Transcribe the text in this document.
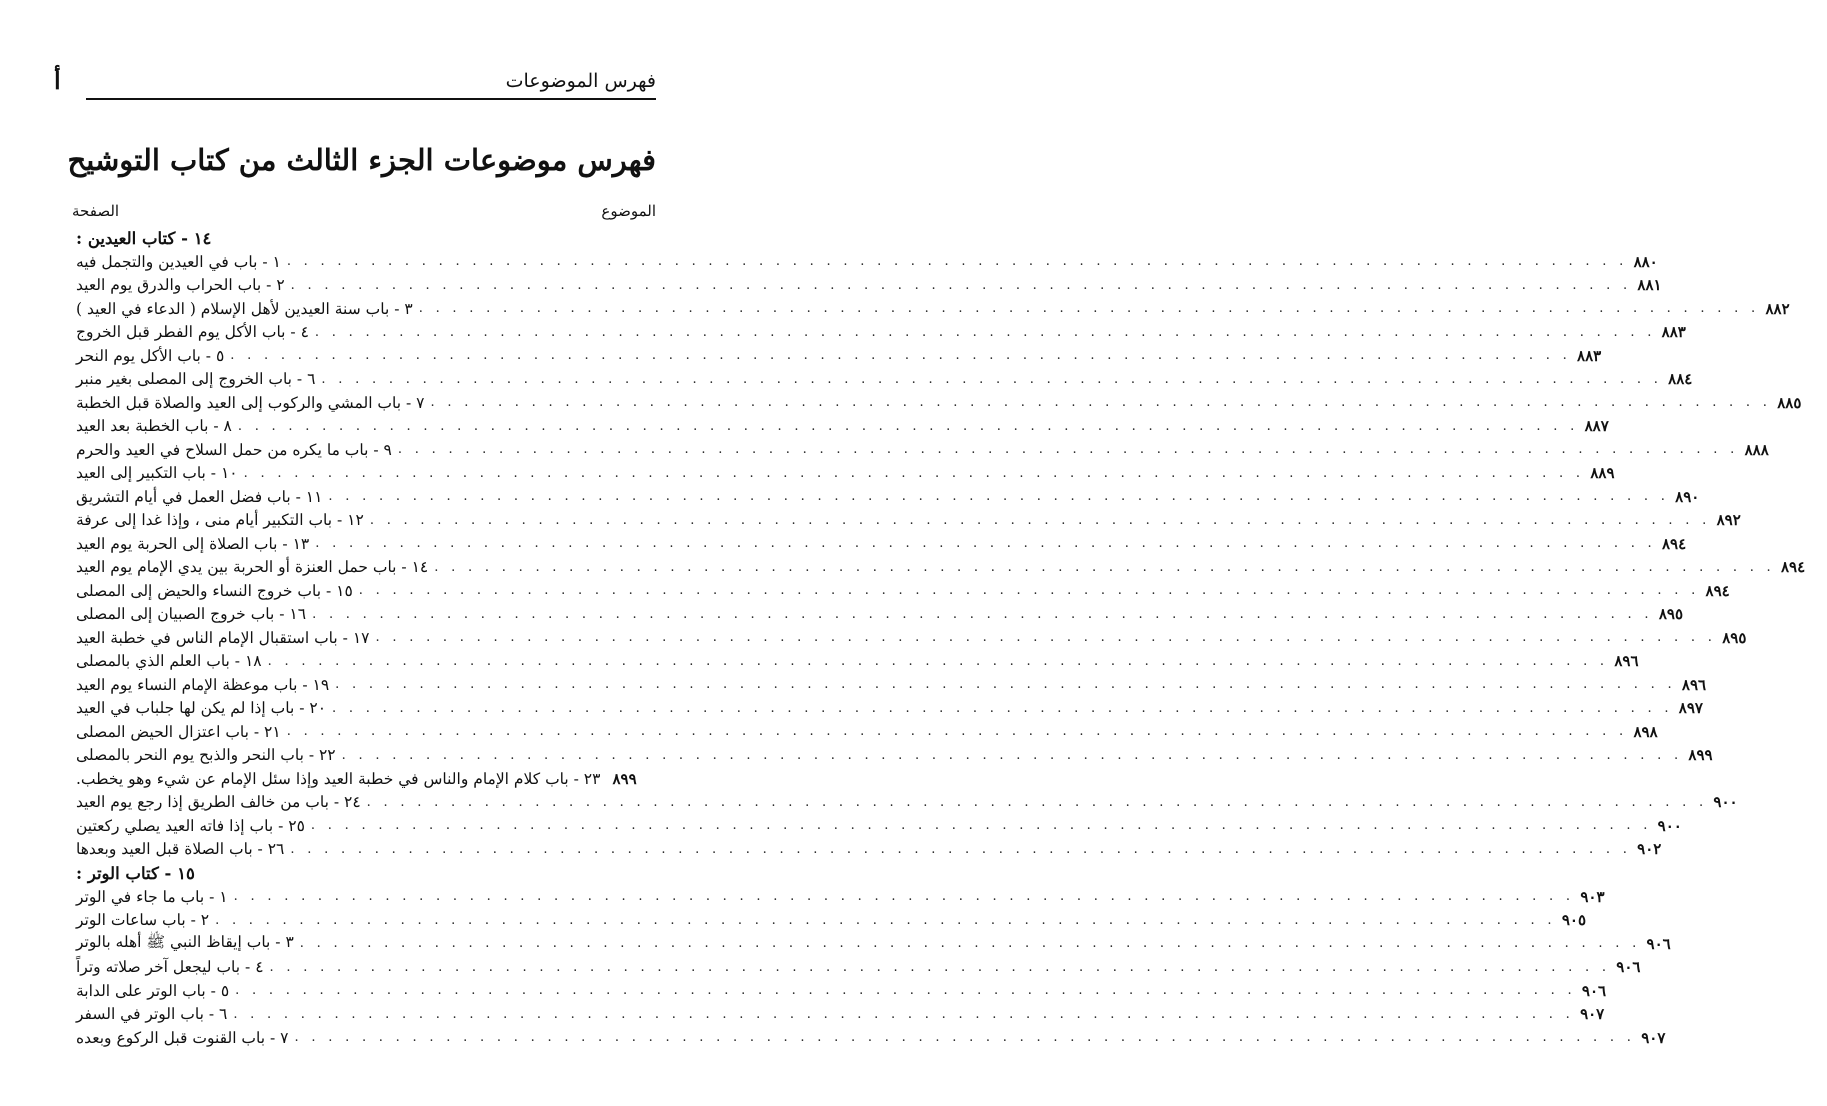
فهرس الموضوعات
أ
فهرس موضوعات الجزء الثالث من كتاب التوشيح
الموضوع
الصفحة
١٤ - كتاب العيدين :
١ - باب في العيدين والتجمل فيه . . . . . . . . . . . . . . . . . . . . . . . . . . . . . . . . . . . . . . . . . . . . . . . . . . . . . . . . . . . . . . . . . . . . . . . . . . . . . . . . ٨٨٠
٢ - باب الحراب والدرق يوم العيد . . . . . . . . . . . . . . . . . . . . . . . . . . . . . . . . . . . . . . . . . . . . . . . . . . . . . . . . . . . . . . . . . . . . . . . . . . . . . . . . ٨٨١
٣ - باب سنة العيدين لأهل الإسلام ( الدعاء في العيد ) . . . . . . . . . . . . . . . . . . . . . . . . . . . . . . . . . . . . . . . . . . . . . . . . . . . . . . . . . . . . . . . . . . . . . . . . . . . . . . . . ٨٨٢
٤ - باب الأكل يوم الفطر قبل الخروج . . . . . . . . . . . . . . . . . . . . . . . . . . . . . . . . . . . . . . . . . . . . . . . . . . . . . . . . . . . . . . . . . . . . . . . . . . . . . . . . ٨٨٣
٥ - باب الأكل يوم النحر . . . . . . . . . . . . . . . . . . . . . . . . . . . . . . . . . . . . . . . . . . . . . . . . . . . . . . . . . . . . . . . . . . . . . . . . . . . . . . . . ٨٨٣
٦ - باب الخروج إلى المصلى بغير منبر . . . . . . . . . . . . . . . . . . . . . . . . . . . . . . . . . . . . . . . . . . . . . . . . . . . . . . . . . . . . . . . . . . . . . . . . . . . . . . . . ٨٨٤
٧ - باب المشي والركوب إلى العيد والصلاة قبل الخطبة . . . . . . . . . . . . . . . . . . . . . . . . . . . . . . . . . . . . . . . . . . . . . . . . . . . . . . . . . . . . . . . . . . . . . . . . . . . . . . . . ٨٨٥
٨ - باب الخطبة بعد العيد . . . . . . . . . . . . . . . . . . . . . . . . . . . . . . . . . . . . . . . . . . . . . . . . . . . . . . . . . . . . . . . . . . . . . . . . . . . . . . . . ٨٨٧
٩ - باب ما يكره من حمل السلاح في العيد والحرم . . . . . . . . . . . . . . . . . . . . . . . . . . . . . . . . . . . . . . . . . . . . . . . . . . . . . . . . . . . . . . . . . . . . . . . . . . . . . . . . ٨٨٨
١٠ - باب التكبير إلى العيد . . . . . . . . . . . . . . . . . . . . . . . . . . . . . . . . . . . . . . . . . . . . . . . . . . . . . . . . . . . . . . . . . . . . . . . . . . . . . . . . ٨٨٩
١١ - باب فضل العمل في أيام التشريق . . . . . . . . . . . . . . . . . . . . . . . . . . . . . . . . . . . . . . . . . . . . . . . . . . . . . . . . . . . . . . . . . . . . . . . . . . . . . . . . ٨٩٠
١٢ - باب التكبير أيام منى ، وإذا غدا إلى عرفة . . . . . . . . . . . . . . . . . . . . . . . . . . . . . . . . . . . . . . . . . . . . . . . . . . . . . . . . . . . . . . . . . . . . . . . . . . . . . . . . ٨٩٢
١٣ - باب الصلاة إلى الحربة يوم العيد . . . . . . . . . . . . . . . . . . . . . . . . . . . . . . . . . . . . . . . . . . . . . . . . . . . . . . . . . . . . . . . . . . . . . . . . . . . . . . . . ٨٩٤
١٤ - باب حمل العنزة أو الحربة بين يدي الإمام يوم العيد . . . . . . . . . . . . . . . . . . . . . . . . . . . . . . . . . . . . . . . . . . . . . . . . . . . . . . . . . . . . . . . . . . . . . . . . . . . . . . . . ٨٩٤
١٥ - باب خروج النساء والحيض إلى المصلى . . . . . . . . . . . . . . . . . . . . . . . . . . . . . . . . . . . . . . . . . . . . . . . . . . . . . . . . . . . . . . . . . . . . . . . . . . . . . . . . ٨٩٤
١٦ - باب خروج الصبيان إلى المصلى . . . . . . . . . . . . . . . . . . . . . . . . . . . . . . . . . . . . . . . . . . . . . . . . . . . . . . . . . . . . . . . . . . . . . . . . . . . . . . . . ٨٩٥
١٧ - باب استقبال الإمام الناس في خطبة العيد . . . . . . . . . . . . . . . . . . . . . . . . . . . . . . . . . . . . . . . . . . . . . . . . . . . . . . . . . . . . . . . . . . . . . . . . . . . . . . . . ٨٩٥
١٨ - باب العلم الذي بالمصلى . . . . . . . . . . . . . . . . . . . . . . . . . . . . . . . . . . . . . . . . . . . . . . . . . . . . . . . . . . . . . . . . . . . . . . . . . . . . . . . . ٨٩٦
١٩ - باب موعظة الإمام النساء يوم العيد . . . . . . . . . . . . . . . . . . . . . . . . . . . . . . . . . . . . . . . . . . . . . . . . . . . . . . . . . . . . . . . . . . . . . . . . . . . . . . . . ٨٩٦
٢٠ - باب إذا لم يكن لها جلباب في العيد . . . . . . . . . . . . . . . . . . . . . . . . . . . . . . . . . . . . . . . . . . . . . . . . . . . . . . . . . . . . . . . . . . . . . . . . . . . . . . . . ٨٩٧
٢١ - باب اعتزال الحيض المصلى . . . . . . . . . . . . . . . . . . . . . . . . . . . . . . . . . . . . . . . . . . . . . . . . . . . . . . . . . . . . . . . . . . . . . . . . . . . . . . . . ٨٩٨
٢٢ - باب النحر والذبح يوم النحر بالمصلى . . . . . . . . . . . . . . . . . . . . . . . . . . . . . . . . . . . . . . . . . . . . . . . . . . . . . . . . . . . . . . . . . . . . . . . . . . . . . . . . ٨٩٩
٢٣ - باب كلام الإمام والناس في خطبة العيد وإذا سئل الإمام عن شيء وهو يخطب. ٨٩٩
٢٤ - باب من خالف الطريق إذا رجع يوم العيد . . . . . . . . . . . . . . . . . . . . . . . . . . . . . . . . . . . . . . . . . . . . . . . . . . . . . . . . . . . . . . . . . . . . . . . . . . . . . . . . ٩٠٠
٢٥ - باب إذا فاته العيد يصلي ركعتين . . . . . . . . . . . . . . . . . . . . . . . . . . . . . . . . . . . . . . . . . . . . . . . . . . . . . . . . . . . . . . . . . . . . . . . . . . . . . . . . ٩٠٠
٢٦ - باب الصلاة قبل العيد وبعدها . . . . . . . . . . . . . . . . . . . . . . . . . . . . . . . . . . . . . . . . . . . . . . . . . . . . . . . . . . . . . . . . . . . . . . . . . . . . . . . . ٩٠٢
١٥ - كتاب الوتر :
١ - باب ما جاء في الوتر . . . . . . . . . . . . . . . . . . . . . . . . . . . . . . . . . . . . . . . . . . . . . . . . . . . . . . . . . . . . . . . . . . . . . . . . . . . . . . . . ٩٠٣
٢ - باب ساعات الوتر . . . . . . . . . . . . . . . . . . . . . . . . . . . . . . . . . . . . . . . . . . . . . . . . . . . . . . . . . . . . . . . . . . . . . . . . . . . . . . . . ٩٠٥
٣ - باب إيقاظ النبي ﷺ أهله بالوتر . . . . . . . . . . . . . . . . . . . . . . . . . . . . . . . . . . . . . . . . . . . . . . . . . . . . . . . . . . . . . . . . . . . . . . . . . . . . . . . . ٩٠٦
٤ - باب ليجعل آخر صلاته وتراً . . . . . . . . . . . . . . . . . . . . . . . . . . . . . . . . . . . . . . . . . . . . . . . . . . . . . . . . . . . . . . . . . . . . . . . . . . . . . . . . ٩٠٦
٥ - باب الوتر على الدابة . . . . . . . . . . . . . . . . . . . . . . . . . . . . . . . . . . . . . . . . . . . . . . . . . . . . . . . . . . . . . . . . . . . . . . . . . . . . . . . . ٩٠٦
٦ - باب الوتر في السفر . . . . . . . . . . . . . . . . . . . . . . . . . . . . . . . . . . . . . . . . . . . . . . . . . . . . . . . . . . . . . . . . . . . . . . . . . . . . . . . . ٩٠٧
٧ - باب القنوت قبل الركوع وبعده . . . . . . . . . . . . . . . . . . . . . . . . . . . . . . . . . . . . . . . . . . . . . . . . . . . . . . . . . . . . . . . . . . . . . . . . . . . . . . . . ٩٠٧
